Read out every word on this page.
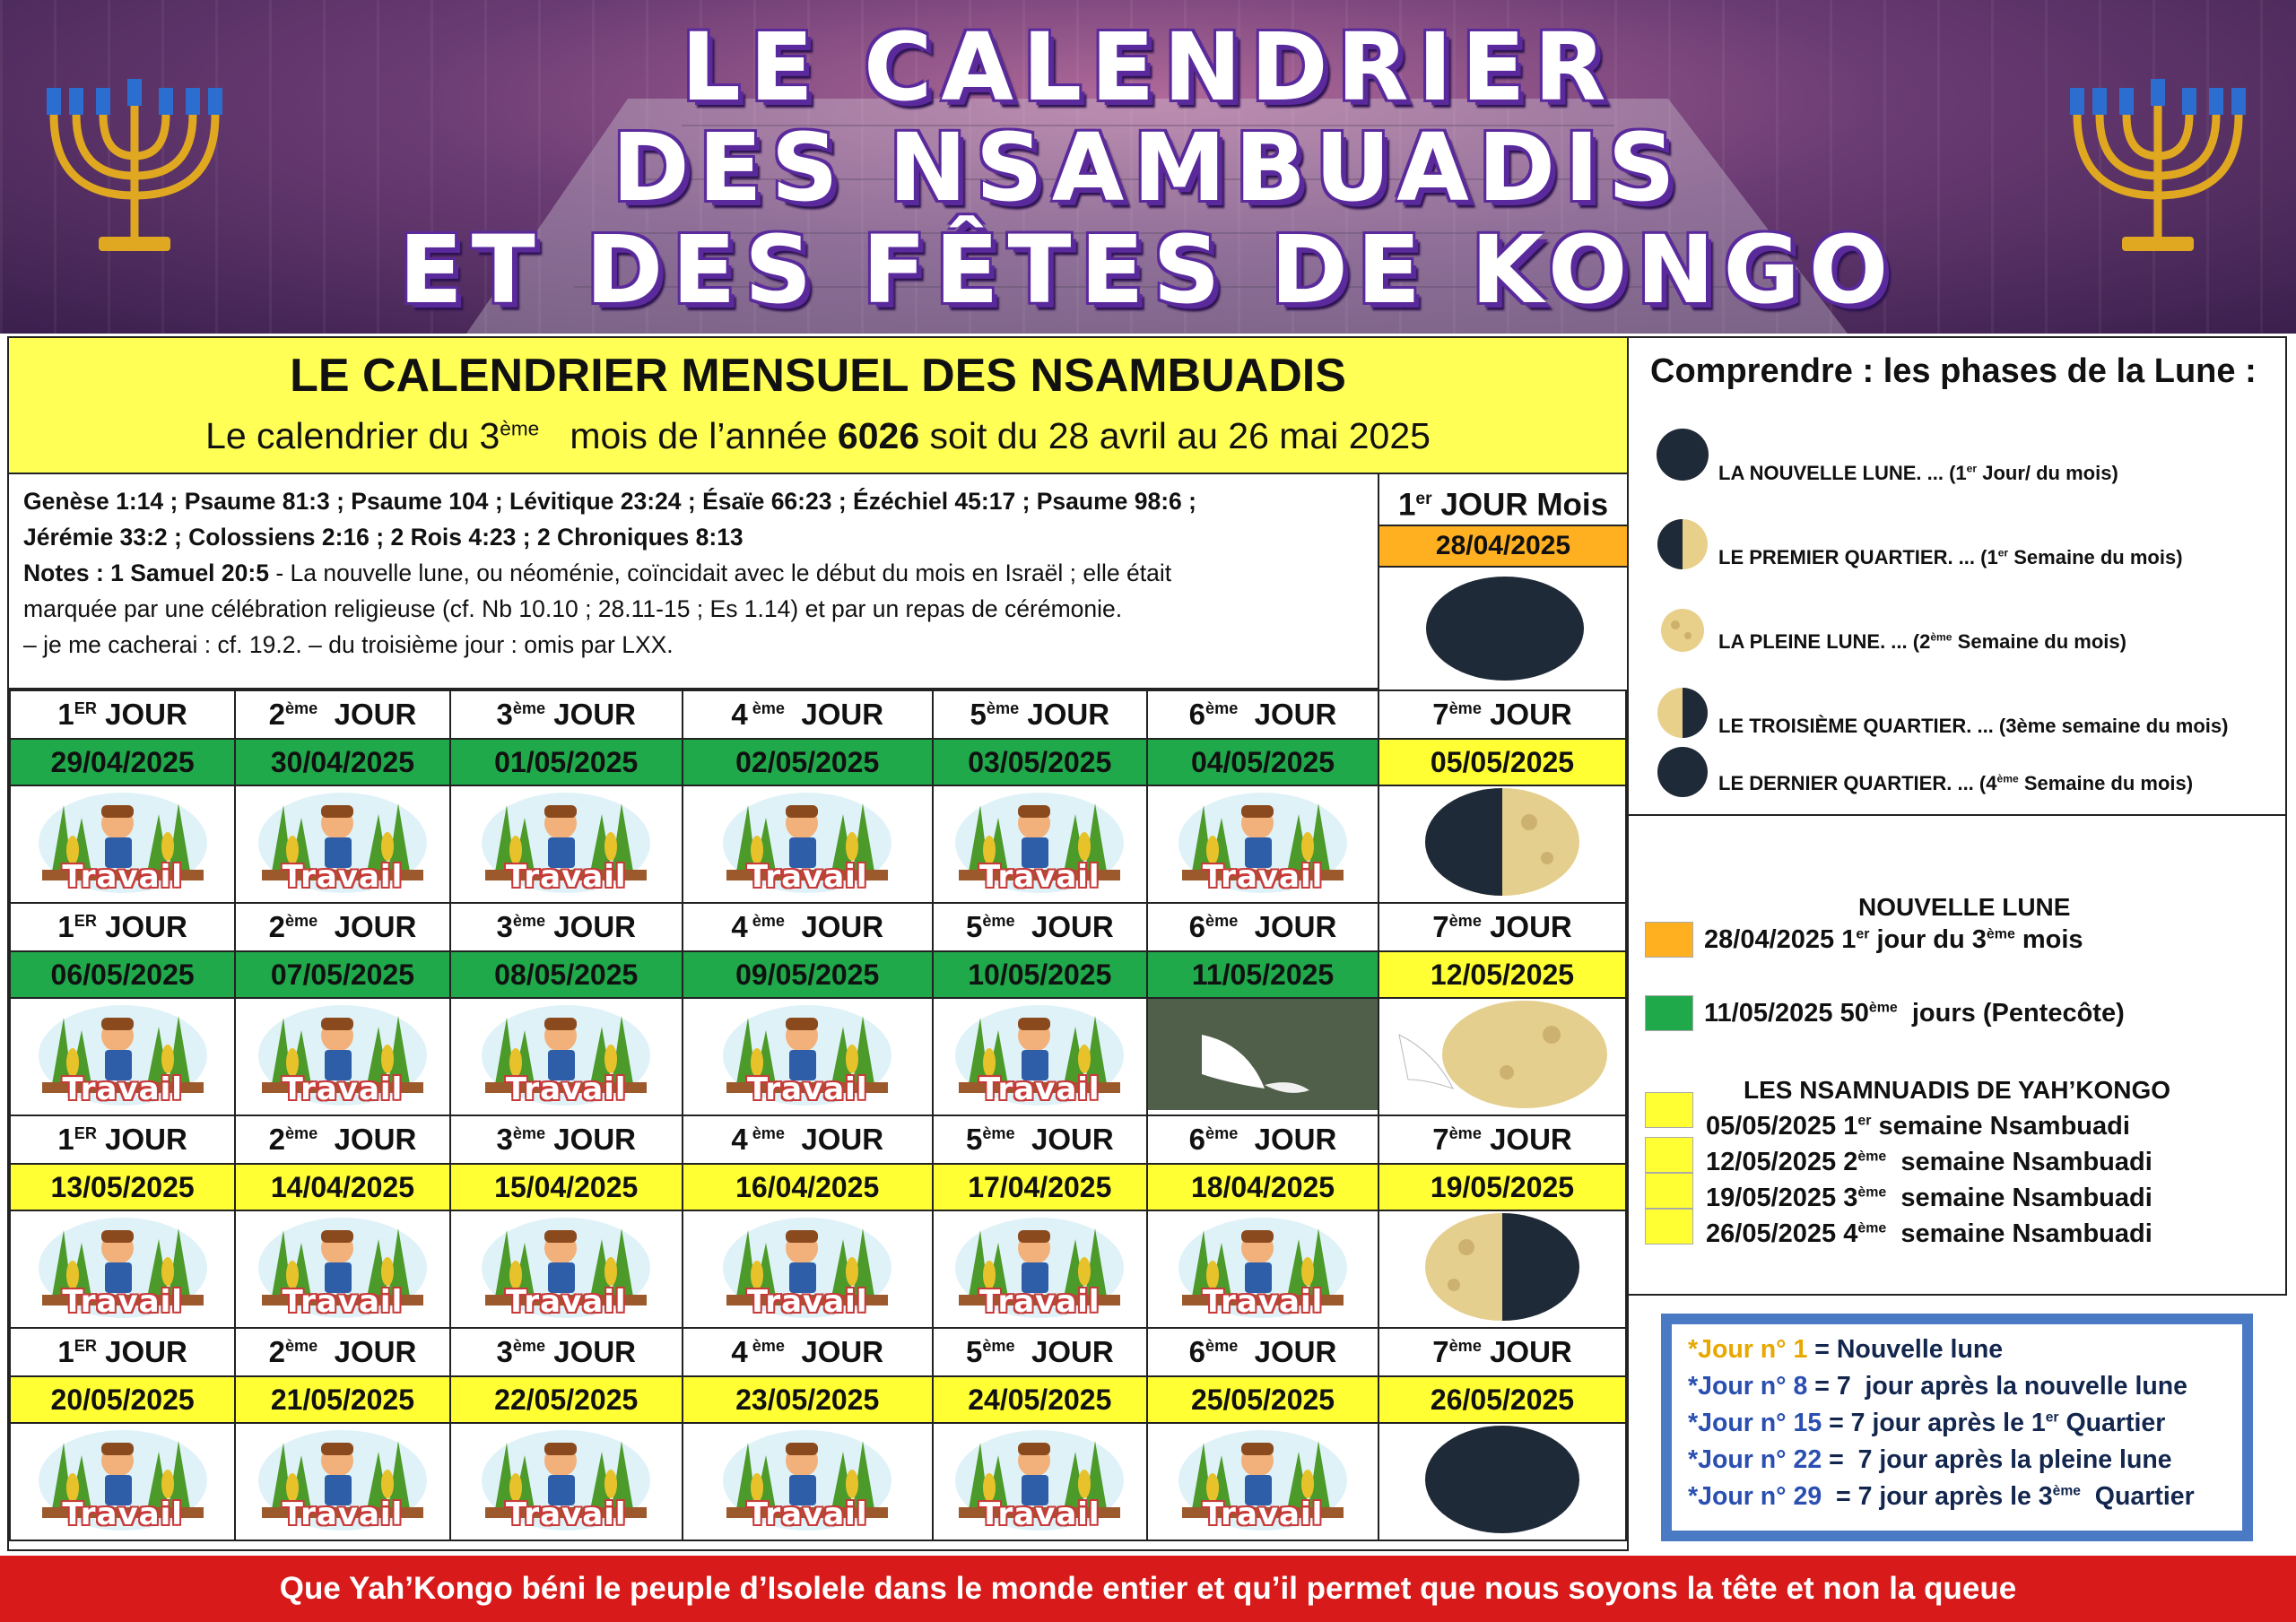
LE CALENDRIER
DES NSAMBUADIS
ET DES FÊTES DE KONGO
LE CALENDRIER MENSUEL DES NSAMBUADIS
Le calendrier du 3ème   mois de l’année 6026 soit du 28 avril au 26 mai 2025
Genèse 1:14 ; Psaume 81:3 ; Psaume 104 ; Lévitique 23:24 ; Ésaïe 66:23 ; Ézéchiel 45:17 ; Psaume 98:6 ;
Jérémie 33:2 ; Colossiens 2:16 ; 2 Rois 4:23 ; 2 Chroniques 8:13
Notes : 1 Samuel 20:5 - La nouvelle lune, ou néoménie, coïncidait avec le début du mois en Israël ; elle était
marquée par une célébration religieuse (cf. Nb 10.10 ; 28.11-15 ; Es 1.14) et par un repas de cérémonie.
– je me cacherai : cf. 19.2. – du troisième jour : omis par LXX.
1er JOUR Mois
28/04/2025
1ER JOUR	2ème  JOUR	3ème JOUR	4 $^{ème}$  JOUR	5ème JOUR	6ème  JOUR	7ème JOUR
29/04/2025	30/04/2025	01/05/2025	02/05/2025	03/05/2025	04/05/2025	05/05/2025

Travail	Travail	Travail	Travail	Travail	Travail

1ER JOUR	2ème  JOUR	3ème JOUR	4 $^{ème}$  JOUR	5ème  JOUR	6ème  JOUR	7ème JOUR
06/05/2025	07/05/2025	08/05/2025	09/05/2025	10/05/2025	11/05/2025	12/05/2025

Travail	Travail	Travail	Travail	Travail

1ER JOUR	2ème  JOUR	3ème JOUR	4 $^{ème}$  JOUR	5ème  JOUR	6ème  JOUR	7ème JOUR
13/05/2025	14/04/2025	15/04/2025	16/04/2025	17/04/2025	18/04/2025	19/05/2025

Travail	Travail	Travail	Travail	Travail	Travail

1ER JOUR	2ème  JOUR	3ème JOUR	4 $^{ème}$  JOUR	5ème  JOUR	6ème  JOUR	7ème JOUR
20/05/2025	21/05/2025	22/05/2025	23/05/2025	24/05/2025	25/05/2025	26/05/2025

Travail	Travail	Travail	Travail	Travail	Travail

Comprendre : les phases de la Lune :
LA NOUVELLE LUNE. ... (1er Jour/ du mois)
LE PREMIER QUARTIER. ... (1er Semaine du mois)
LA PLEINE LUNE. ... (2ème Semaine du mois)
LE TROISIÈME QUARTIER. ... (3ème semaine du mois)
LE DERNIER QUARTIER. ... (4ème Semaine du mois)
NOUVELLE LUNE
28/04/2025 1er jour du 3ème mois
11/05/2025 50ème  jours (Pentecôte)
LES NSAMNUADIS DE YAH’KONGO
05/05/2025 1er semaine Nsambuadi
12/05/2025 2ème  semaine Nsambuadi
19/05/2025 3ème  semaine Nsambuadi
26/05/2025 4ème  semaine Nsambuadi
*Jour n° 1 = Nouvelle lune
*Jour n° 8 = 7  jour après la nouvelle lune
*Jour n° 15 = 7 jour après le 1er Quartier
*Jour n° 22 =  7 jour après la pleine lune
*Jour n° 29  = 7 jour après le 3ème  Quartier
Que Yah’Kongo béni le peuple d’Isolele dans le monde entier et qu’il permet que nous soyons la tête et non la queue
